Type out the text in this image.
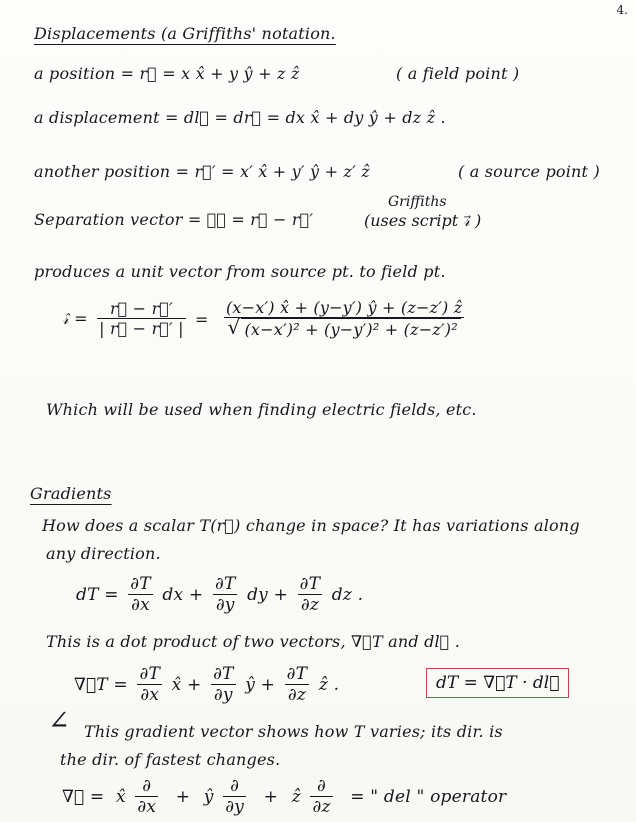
4.
Displacements (a Griffiths' notation.
a position = r⃗ = x x̂ + y ŷ + z ẑ	( a field point )
a displacement = dl⃗ = dr⃗ = dx x̂ + dy ŷ + dz ẑ .
another position = r⃗′ = x′ x̂ + y′ ŷ + z′ ẑ	( a source point )
Separation vector = 𝓇⃗ = r⃗ − r⃗′
Griffiths
(uses script 𝓇⃗ )
produces a unit vector from source pt. to field pt.
𝓇̂ = $\frac{r⃗ - r⃗'}{| r⃗ - r⃗' |} = \frac{\text{(x−x′) x̂ + (y−y′) ŷ + (z−z′) ẑ}}{\text{√ (x−x′)² + (y−y′)² + (z−z′)²}}$
Which will be used when finding electric fields, etc.
Gradients
How does a scalar T(r⃗) change in space? It has variations along
any direction.
dT = $\frac{\partial T}{\partial x}$ dx + $\frac{\partial T}{\partial y}$ dy + $\frac{\partial T}{\partial z}$ dz .
This is a dot product of two vectors, ∇⃗T and dl⃗ .
∇⃗T = $\frac{\partial T}{\partial x}$ x̂ + $\frac{\partial T}{\partial y}$ ŷ + $\frac{\partial T}{\partial z}$ ẑ .	dT = ∇⃗T · dl⃗
∠ This gradient vector shows how T varies; its dir. is
the dir. of fastest changes.
∇⃗ = x̂ $\frac{\partial}{\partial x}$ + ŷ $\frac{\partial}{\partial y}$ + ẑ $\frac{\partial}{\partial z}$ = " del " operator
